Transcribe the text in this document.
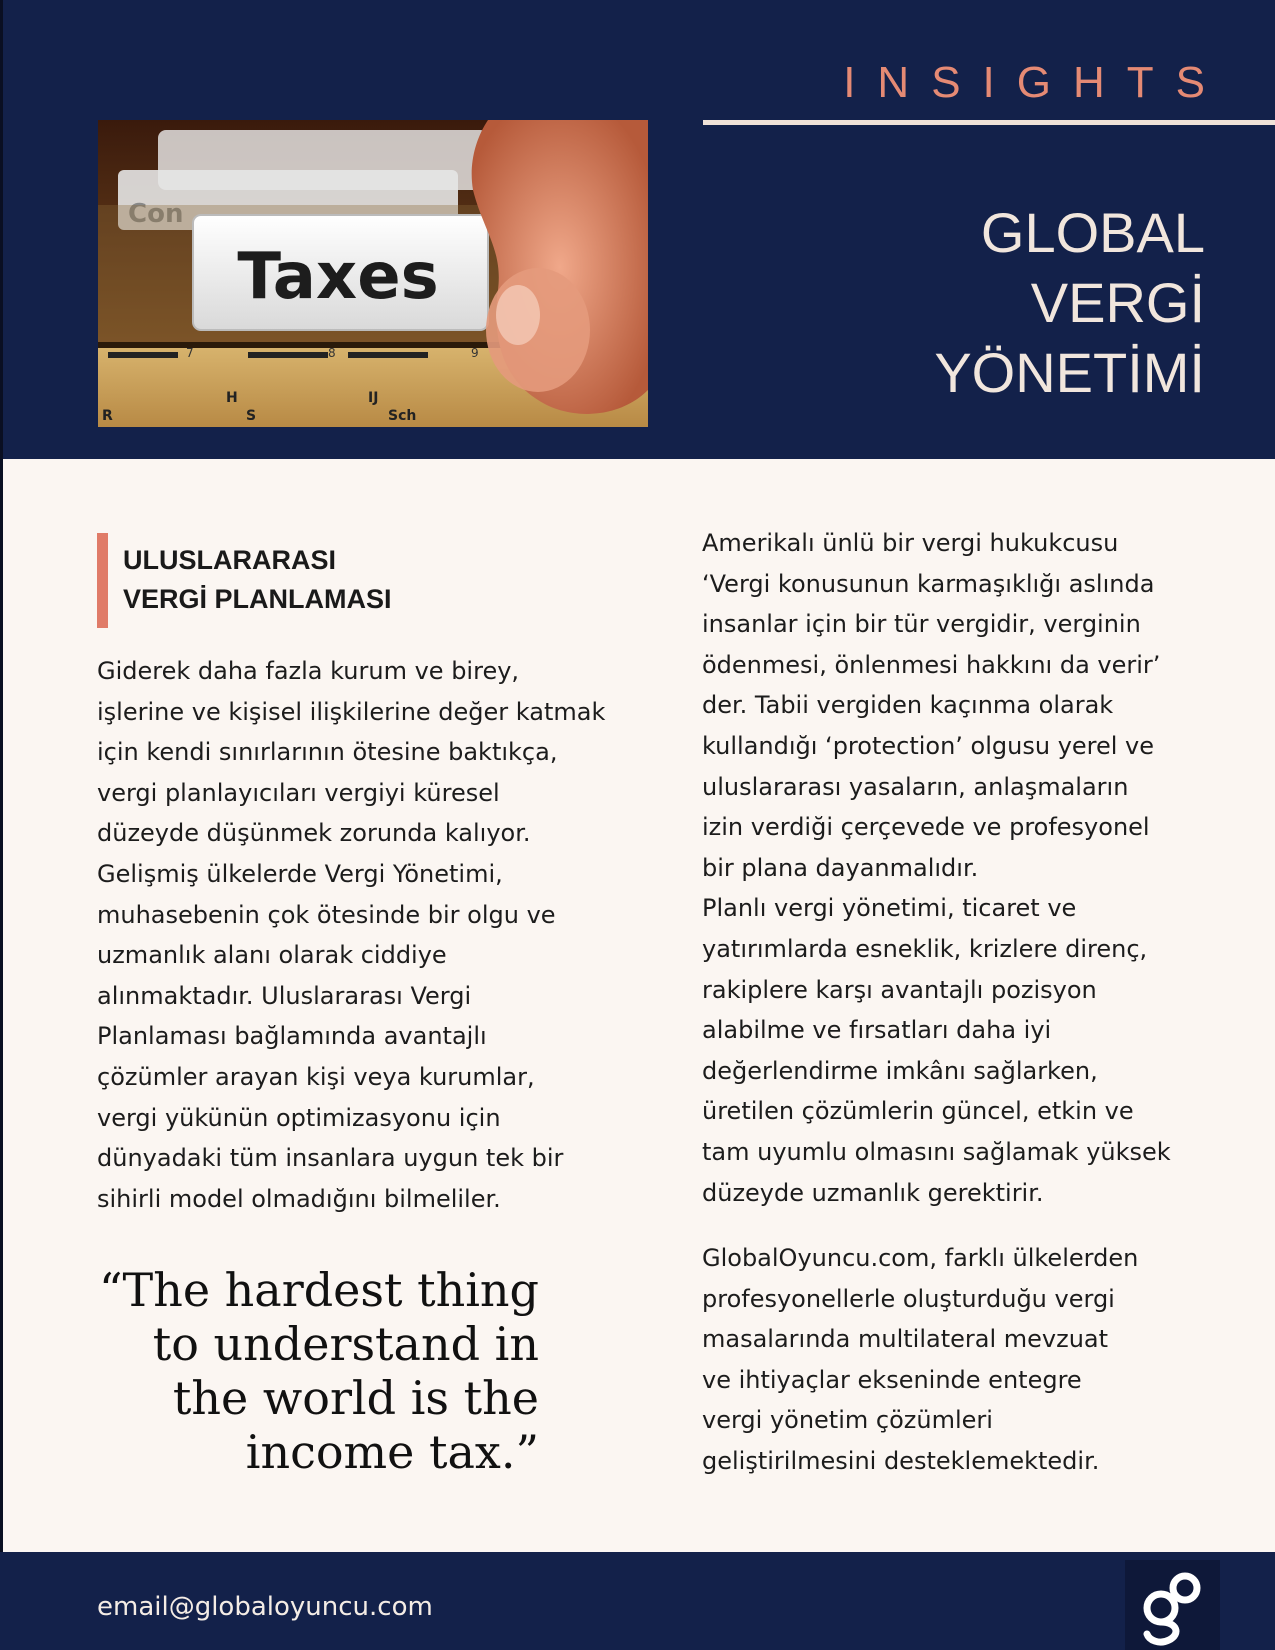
INSIGHTS
GLOBAL
VERGİ
YÖNETİMİ
Con
Taxes
7	8	9
R
H
S
IJ
Sch
ULUSLARARASI
VERGİ PLANLAMASI
Giderek daha fazla kurum ve birey,
işlerine ve kişisel ilişkilerine değer katmak
için kendi sınırlarının ötesine baktıkça,
vergi planlayıcıları vergiyi küresel
düzeyde düşünmek zorunda kalıyor.
Gelişmiş ülkelerde Vergi Yönetimi,
muhasebenin çok ötesinde bir olgu ve
uzmanlık alanı olarak ciddiye
alınmaktadır. Uluslararası Vergi
Planlaması bağlamında avantajlı
çözümler arayan kişi veya kurumlar,
vergi yükünün optimizasyonu için
dünyadaki tüm insanlara uygun tek bir
sihirli model olmadığını bilmeliler.
“The hardest thing
to understand in
the world is the
income tax.”
Amerikalı ünlü bir vergi hukukcusu
‘Vergi konusunun karmaşıklığı aslında
insanlar için bir tür vergidir, verginin
ödenmesi, önlenmesi hakkını da verir’
der. Tabii vergiden kaçınma olarak
kullandığı ‘protection’ olgusu yerel ve
uluslararası yasaların, anlaşmaların
izin verdiği çerçevede ve profesyonel
bir plana dayanmalıdır.
Planlı vergi yönetimi, ticaret ve
yatırımlarda esneklik, krizlere direnç,
rakiplere karşı avantajlı pozisyon
alabilme ve fırsatları daha iyi
değerlendirme imkânı sağlarken,
üretilen çözümlerin güncel, etkin ve
tam uyumlu olmasını sağlamak yüksek
düzeyde uzmanlık gerektirir.
GlobalOyuncu.com, farklı ülkelerden
profesyonellerle oluşturduğu vergi
masalarında multilateral mevzuat
ve ihtiyaçlar ekseninde entegre
vergi yönetim çözümleri
geliştirilmesini desteklemektedir.
email@globaloyuncu.com
